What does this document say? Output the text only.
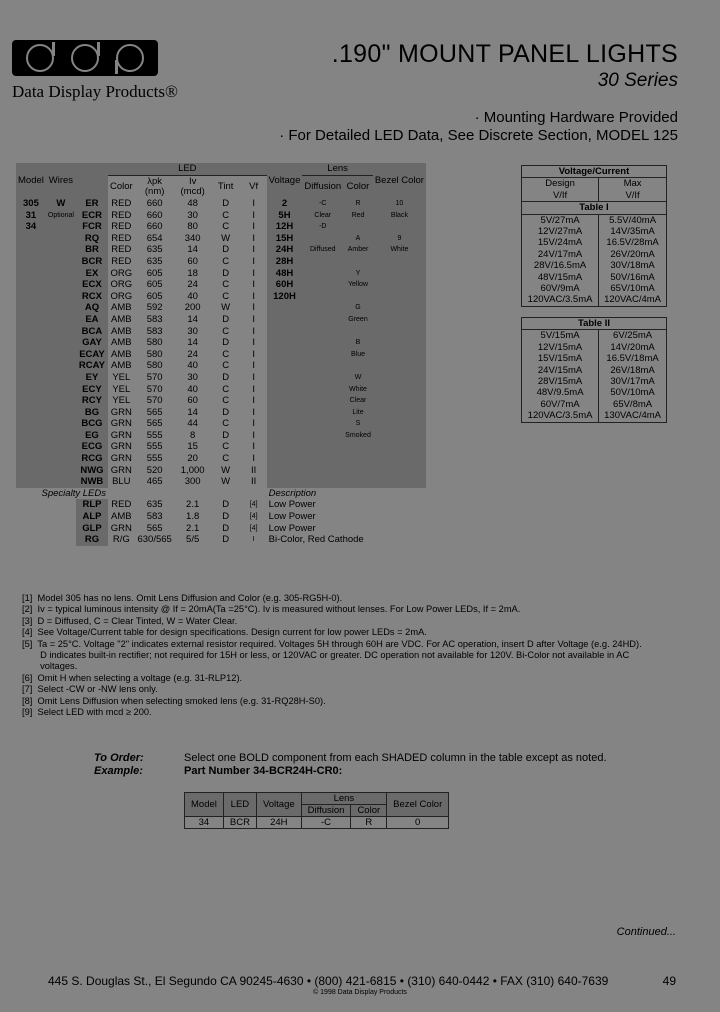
Data Display Products®
.190" MOUNT PANEL LIGHTS
30 Series
· Mounting Hardware Provided
· For Detailed LED Data, See Discrete Section, MODEL 125
Model	Wires		LED					Voltage	Lens		Bezel Color
			Color	λpk (nm)	Iv (mcd)	Tint	Vf		Diffusion	Color	
305	W	ER	RED	660	48	D	I	2	-C	R	10
31	Optional	ECR	RED	660	30	C	I	5H	Clear	Red	Black
34		FCR	RED	660	80	C	I	12H	-D		
		RQ	RED	654	340	W	I	15H		A	9
		BR	RED	635	14	D	I	24H	Diffused	Amber	White
		BCR	RED	635	60	C	I	28H			
		EX	ORG	605	18	D	I	48H		Y	
		ECX	ORG	605	24	C	I	60H		Yellow	
		RCX	ORG	605	40	C	I	120H			
		AQ	AMB	592	200	W	I			G	
		EA	AMB	583	14	D	I			Green	
		BCA	AMB	583	30	C	I				
		GAY	AMB	580	14	D	I			B	
		ECAY	AMB	580	24	C	I			Blue	
		RCAY	AMB	580	40	C	I				
		EY	YEL	570	30	D	I			W	
		ECY	YEL	570	40	C	I			White	
		RCY	YEL	570	60	C	I			Clear	
		BG	GRN	565	14	D	I			Lite	
		BCG	GRN	565	44	C	I			S	
		EG	GRN	555	8	D	I			Smoked	
		ECG	GRN	555	15	C	I				
		RCG	GRN	555	20	C	I				
		NWG	GRN	520	1,000	W	II				
		NWB	BLU	465	300	W	II				
Specialty LEDs								Description			
		RLP	RED	635	2.1	D	[4]	Low Power			
		ALP	AMB	583	1.8	D	[4]	Low Power			
		GLP	GRN	565	2.1	D	[4]	Low Power			
		RG	R/G	630/565	5/5	D	I	Bi-Color, Red Cathode			
Voltage/Current	
Design	Max
V/If	V/If
Table I	
5V/27mA	5.5V/40mA
12V/27mA	14V/35mA
15V/24mA	16.5V/28mA
24V/17mA	26V/20mA
28V/16.5mA	30V/18mA
48V/15mA	50V/16mA
60V/9mA	65V/10mA
120VAC/3.5mA	120VAC/4mA
Table II	
5V/15mA	6V/25mA
12V/15mA	14V/20mA
15V/15mA	16.5V/18mA
24V/15mA	26V/18mA
28V/15mA	30V/17mA
48V/9.5mA	50V/10mA
60V/7mA	65V/8mA
120VAC/3.5mA	130VAC/4mA
[1]  Model 305 has no lens. Omit Lens Diffusion and Color (e.g. 305-RG5H-0).
[2]  Iv = typical luminous intensity @ If = 20mA(Ta =25°C). Iv is measured without lenses. For Low Power LEDs, If = 2mA.
[3]  D = Diffused, C = Clear Tinted, W = Water Clear.
[4]  See Voltage/Current table for design specifications. Design current for low power LEDs = 2mA.
[5]  Ta = 25°C. Voltage "2" indicates external resistor required. Voltages 5H through 60H are VDC. For AC operation, insert D after Voltage (e.g. 24HD).
D indicates built-in rectifier; not required for 15H or less, or 120VAC or greater. DC operation not available for 120V. Bi-Color not available in AC
voltages.
[6]  Omit H when selecting a voltage (e.g. 31-RLP12).
[7]  Select -CW or -NW lens only.
[8]  Omit Lens Diffusion when selecting smoked lens (e.g. 31-RQ28H-S0).
[9]  Select LED with mcd ≥ 200.
To Order:	Select one BOLD component from each SHADED column in the table except as noted.
Example:	Part Number 34-BCR24H-CR0:
Model	LED	Voltage	Lens		Bezel Color
			Diffusion	Color	
34	BCR	24H	-C	R	0
Continued...
445 S. Douglas St., El Segundo CA 90245-4630 • (800) 421-6815 • (310) 640-0442 • FAX (310) 640-7639	49
© 1998 Data Display Products
